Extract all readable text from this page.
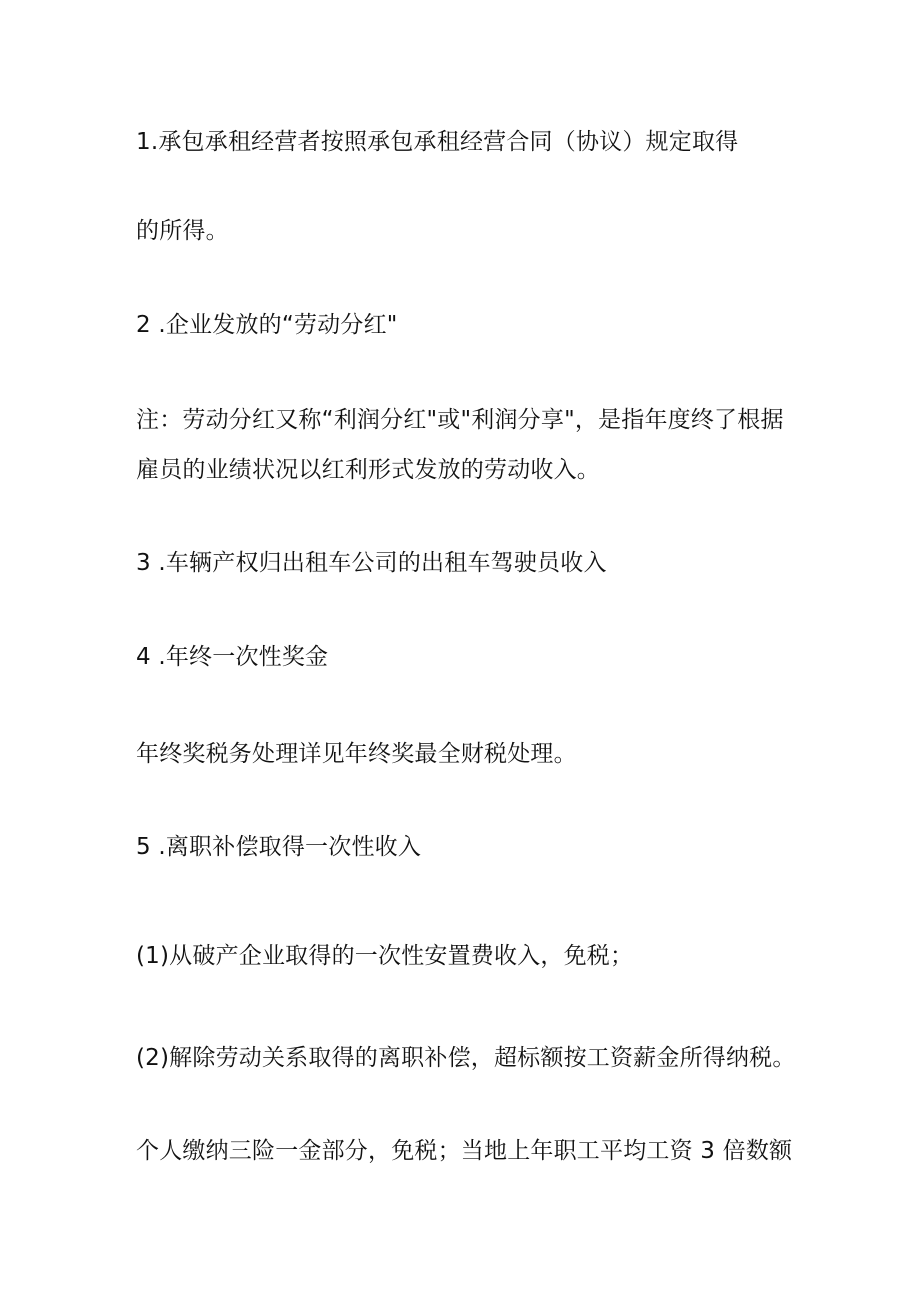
1.承包承租经营者按照承包承租经营合同（协议）规定取得
的所得。
2 .企业发放的“劳动分红"
注：劳动分红又称“利润分红"或"利润分享"，是指年度终了根据
雇员的业绩状况以红利形式发放的劳动收入。
3 .车辆产权归出租车公司的出租车驾驶员收入
4 .年终一次性奖金
年终奖税务处理详见年终奖最全财税处理。
5 .离职补偿取得一次性收入
(1)从破产企业取得的一次性安置费收入，免税；
(2)解除劳动关系取得的离职补偿，超标额按工资薪金所得纳税。
个人缴纳三险一金部分，免税；当地上年职工平均工资 3 倍数额
